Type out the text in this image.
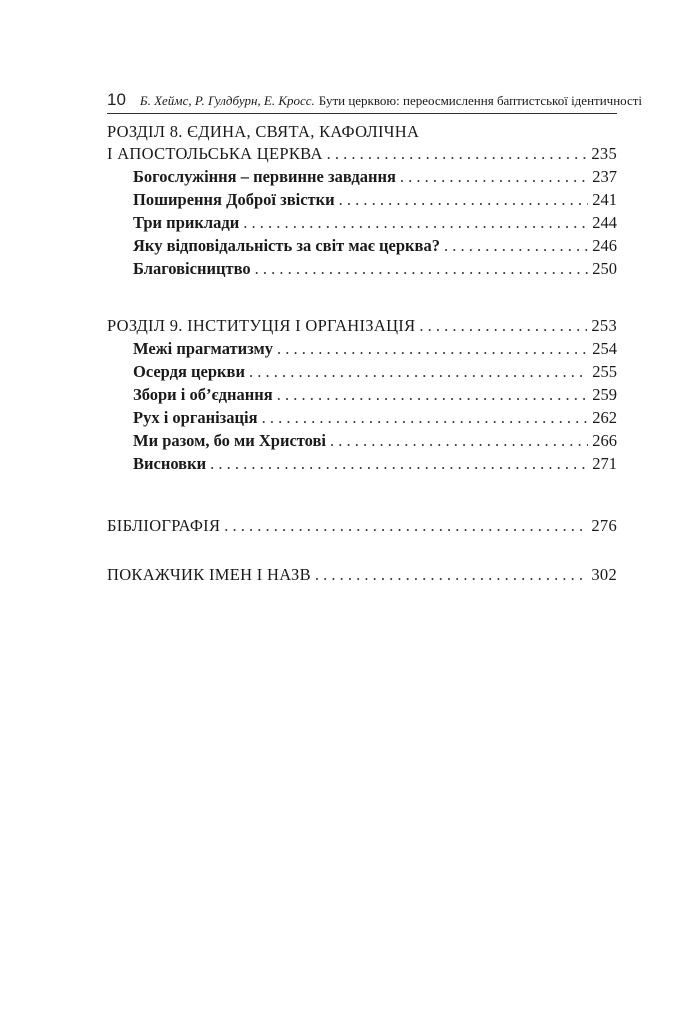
10 Б. Хеймс, Р. Гулдбурн, Е. Кросс. Бути церквою: переосмислення баптистської ідентичності
РОЗДІЛ 8. ЄДИНА, СВЯТА, КАФОЛІЧНА
І АПОСТОЛЬСЬКА ЦЕРКВА . . .	235
Богослужіння – первинне завдання . . .	237
Поширення Доброї звістки . . .	241
Три приклади . . .	244
Яку відповідальність за світ має церква? . . .	246
Благовісництво . . .	250
РОЗДІЛ 9. ІНСТИТУЦІЯ І ОРГАНІЗАЦІЯ . . .	253
Межі прагматизму . . .	254
Осердя церкви . . .	255
Збори і об’єднання . . .	259
Рух і організація . . .	262
Ми разом, бо ми Христові . . .	266
Висновки . . .	271
БІБЛІОГРАФІЯ . . .	276
ПОКАЖЧИК ІМЕН І НАЗВ . . .	302
